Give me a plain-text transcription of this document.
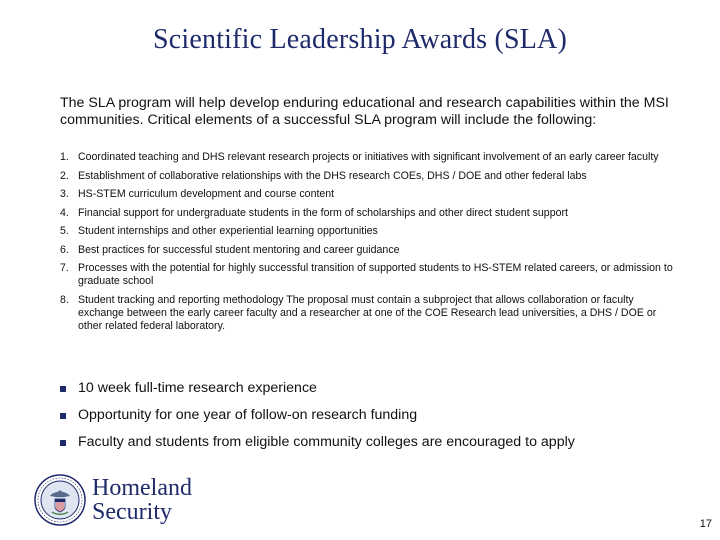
Scientific Leadership Awards (SLA)

The SLA program will help develop enduring educational and research capabilities within the MSI communities. Critical elements of a successful SLA program will include the following:

1. Coordinated teaching and DHS relevant research projects or initiatives with significant involvement of an early career faculty
2. Establishment of collaborative relationships with the DHS research COEs, DHS / DOE and other federal labs
3. HS-STEM curriculum development and course content
4. Financial support for undergraduate students in the form of scholarships and other direct student support
5. Student internships and other experiential learning opportunities
6. Best practices for successful student mentoring and career guidance
7. Processes with the potential for highly successful transition of supported students to HS-STEM related careers, or admission to graduate school
8. Student tracking and reporting methodology The proposal must contain a subproject that allows collaboration or faculty exchange between the early career faculty and a researcher at one of the COE Research lead universities, a DHS / DOE or other related federal laboratory.
10 week full-time research experience
Opportunity for one year of follow-on research funding
Faculty and students from eligible community colleges are encouraged to apply
Homeland
Security	17
